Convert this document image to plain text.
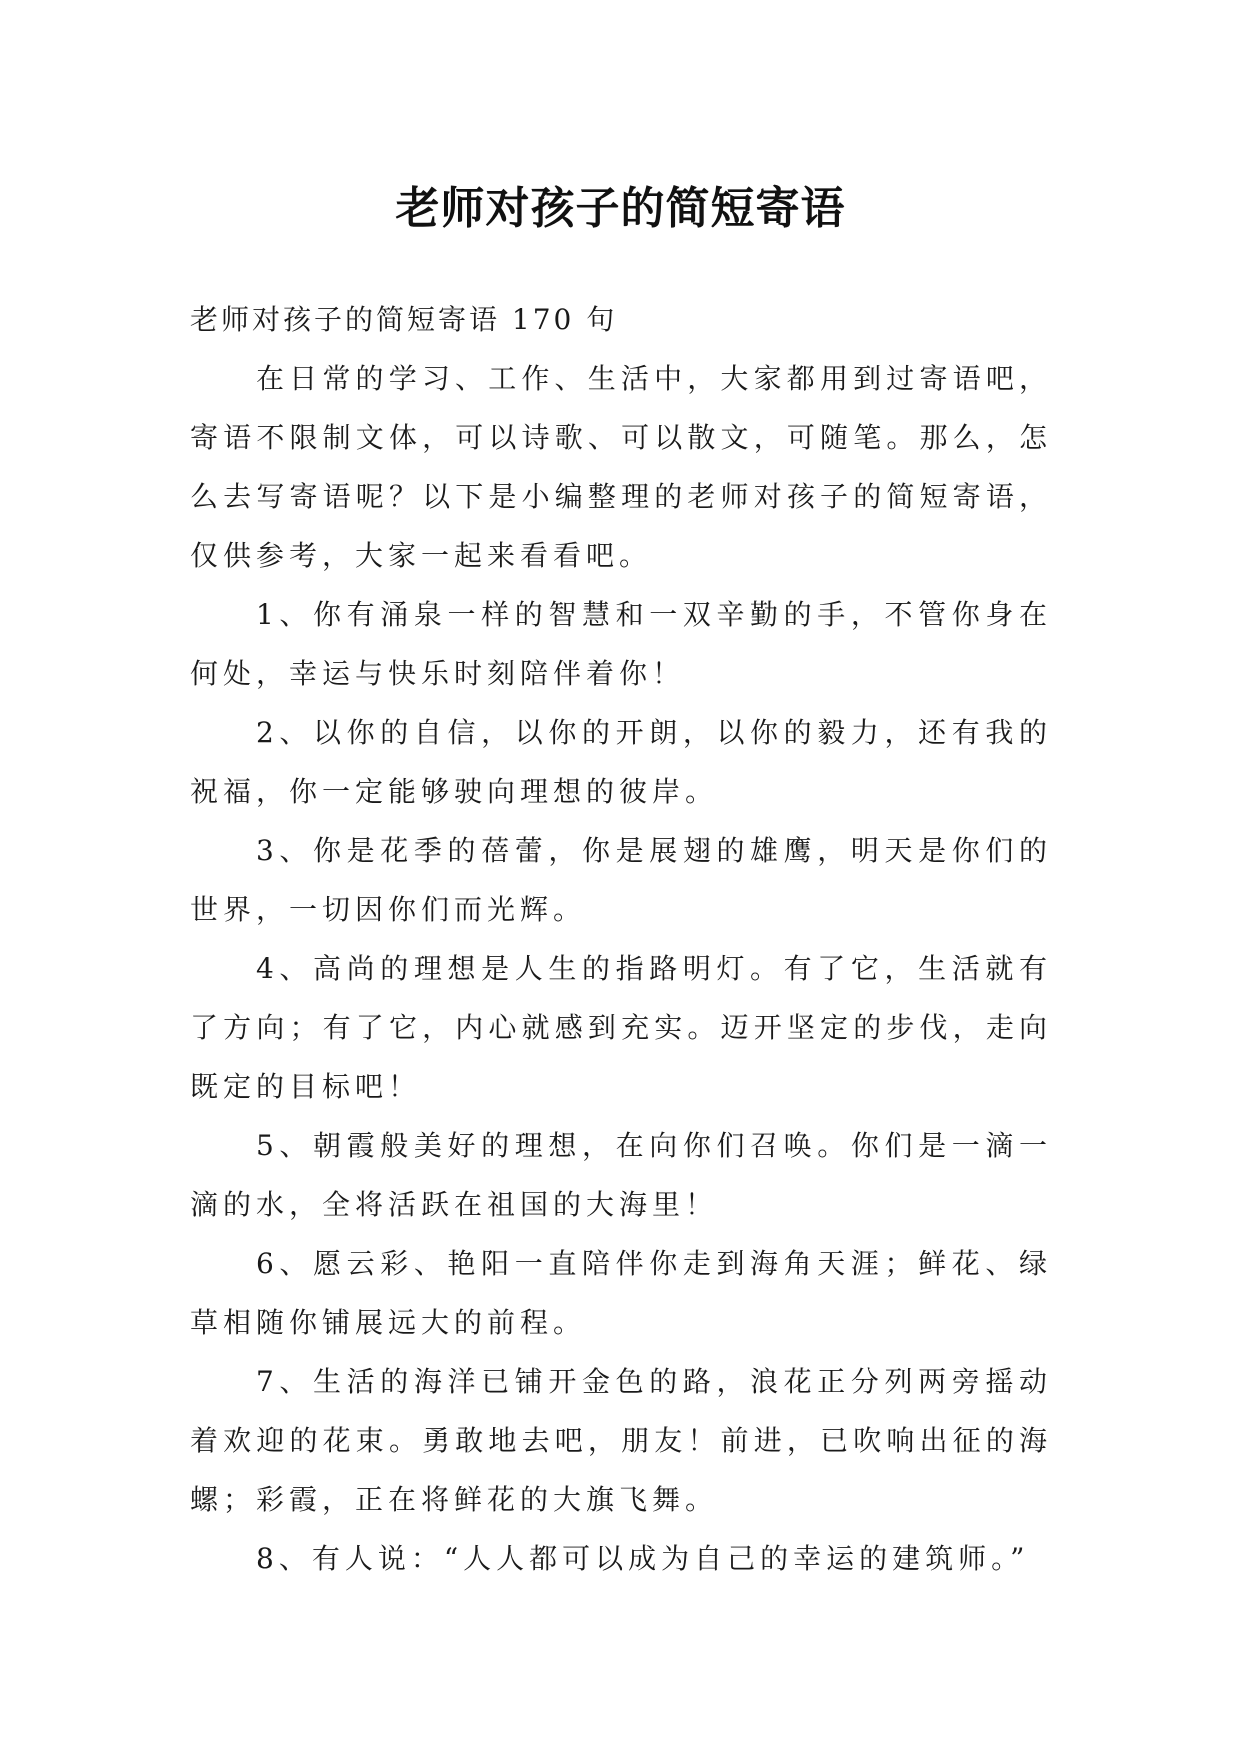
老师对孩子的简短寄语

老师对孩子的简短寄语 170 句

在日常的学习、工作、生活中，大家都用到过寄语吧，寄语不限制文体，可以诗歌、可以散文，可随笔。那么，怎么去写寄语呢？以下是小编整理的老师对孩子的简短寄语，仅供参考，大家一起来看看吧。

1、你有涌泉一样的智慧和一双辛勤的手，不管你身在何处，幸运与快乐时刻陪伴着你！

2、以你的自信，以你的开朗，以你的毅力，还有我的祝福，你一定能够驶向理想的彼岸。

3、你是花季的蓓蕾，你是展翅的雄鹰，明天是你们的世界，一切因你们而光辉。

4、高尚的理想是人生的指路明灯。有了它，生活就有了方向；有了它，内心就感到充实。迈开坚定的步伐，走向既定的目标吧！

5、朝霞般美好的理想，在向你们召唤。你们是一滴一滴的水，全将活跃在祖国的大海里！

6、愿云彩、艳阳一直陪伴你走到海角天涯；鲜花、绿草相随你铺展远大的前程。

7、生活的海洋已铺开金色的路，浪花正分列两旁摇动着欢迎的花束。勇敢地去吧，朋友！前进，已吹响出征的海螺；彩霞，正在将鲜花的大旗飞舞。

8、有人说：“人人都可以成为自己的幸运的建筑师。”
